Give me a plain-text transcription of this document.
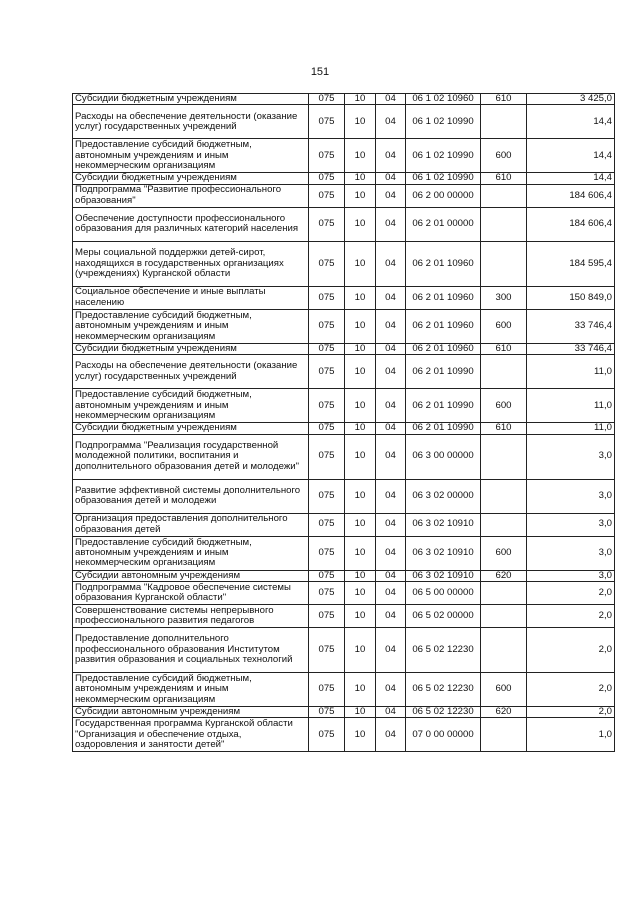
151
Субсидии бюджетным учреждениям	075	10	04	06 1 02 10960	610	3 425,0
Расходы на обеспечение деятельности (оказание услуг) государственных учреждений	075	10	04	06 1 02 10990		14,4
Предоставление субсидий бюджетным, автономным учреждениям и иным некоммерческим организациям	075	10	04	06 1 02 10990	600	14,4
Субсидии бюджетным учреждениям	075	10	04	06 1 02 10990	610	14,4
Подпрограмма "Развитие профессионального образования"	075	10	04	06 2 00 00000		184 606,4
Обеспечение доступности профессионального образования для различных категорий населения	075	10	04	06 2 01 00000		184 606,4
Меры социальной поддержки детей-сирот, находящихся в государственных организациях (учреждениях) Курганской области	075	10	04	06 2 01 10960		184 595,4
Социальное обеспечение и иные выплаты населению	075	10	04	06 2 01 10960	300	150 849,0
Предоставление субсидий бюджетным, автономным учреждениям и иным некоммерческим организациям	075	10	04	06 2 01 10960	600	33 746,4
Субсидии бюджетным учреждениям	075	10	04	06 2 01 10960	610	33 746,4
Расходы на обеспечение деятельности (оказание услуг) государственных учреждений	075	10	04	06 2 01 10990		11,0
Предоставление субсидий бюджетным, автономным учреждениям и иным некоммерческим организациям	075	10	04	06 2 01 10990	600	11,0
Субсидии бюджетным учреждениям	075	10	04	06 2 01 10990	610	11,0
Подпрограмма "Реализация государственной молодежной политики, воспитания и дополнительного образования детей и молодежи"	075	10	04	06 3 00 00000		3,0
Развитие эффективной системы дополнительного образования детей и молодежи	075	10	04	06 3 02 00000		3,0
Организация предоставления дополнительного образования детей	075	10	04	06 3 02 10910		3,0
Предоставление субсидий бюджетным, автономным учреждениям и иным некоммерческим организациям	075	10	04	06 3 02 10910	600	3,0
Субсидии автономным учреждениям	075	10	04	06 3 02 10910	620	3,0
Подпрограмма "Кадровое обеспечение системы образования Курганской области"	075	10	04	06 5 00 00000		2,0
Совершенствование системы непрерывного профессионального развития педагогов	075	10	04	06 5 02 00000		2,0
Предоставление дополнительного профессионального образования Институтом развития образования и социальных технологий	075	10	04	06 5 02 12230		2,0
Предоставление субсидий бюджетным, автономным учреждениям и иным некоммерческим организациям	075	10	04	06 5 02 12230	600	2,0
Субсидии автономным учреждениям	075	10	04	06 5 02 12230	620	2,0
Государственная программа Курганской области "Организация и обеспечение отдыха, оздоровления и занятости детей"	075	10	04	07 0 00 00000		1,0
